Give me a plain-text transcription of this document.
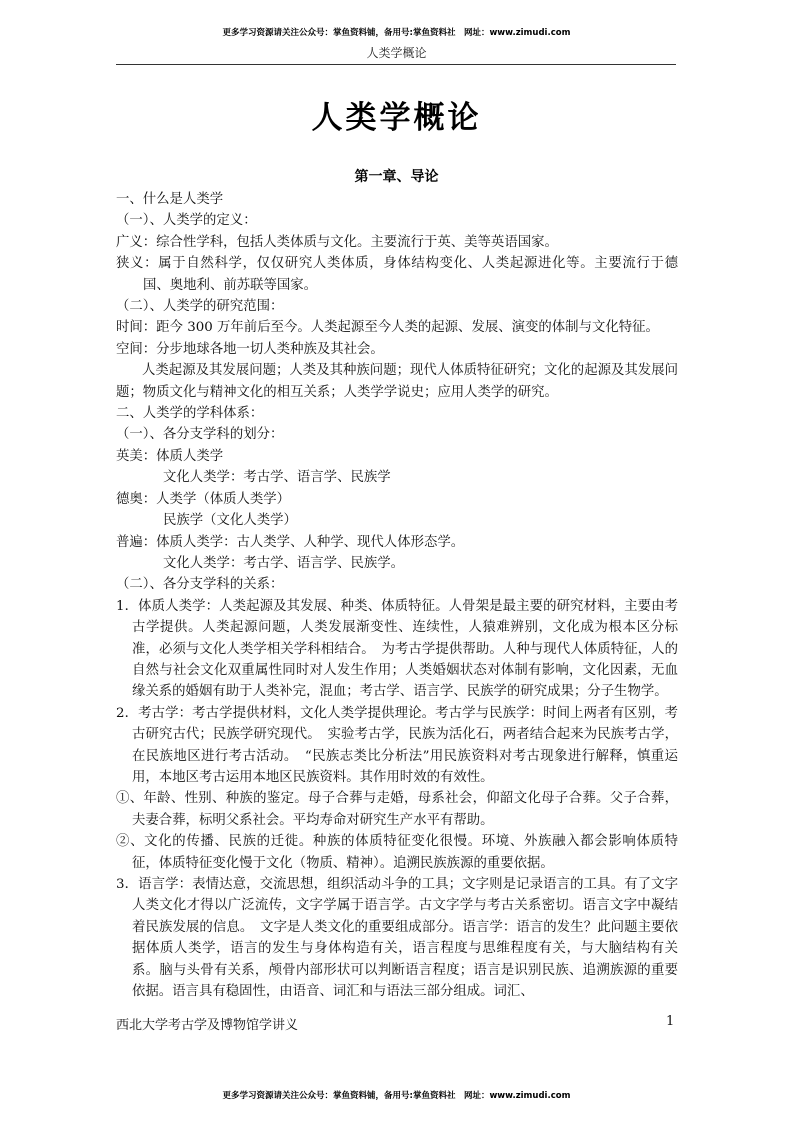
更多学习资源请关注公众号：掌鱼资料铺，备用号:掌鱼资料社　网址：www.zimudi.com
人类学概论
人类学概论
第一章、导论
一、什么是人类学
（一）、人类学的定义：
广义：综合性学科，包括人类体质与文化。主要流行于英、美等英语国家。
狭义：属于自然科学，仅仅研究人类体质，身体结构变化、人类起源进化等。主要流行于德国、奥地利、前苏联等国家。
（二）、人类学的研究范围：
时间：距今 300 万年前后至今。人类起源至今人类的起源、发展、演变的体制与文化特征。
空间：分步地球各地一切人类种族及其社会。
人类起源及其发展问题；人类及其种族问题；现代人体质特征研究；文化的起源及其发展问题；物质文化与精神文化的相互关系；人类学学说史；应用人类学的研究。
二、人类学的学科体系：
（一）、各分支学科的划分：
英美：体质人类学
文化人类学：考古学、语言学、民族学
德奥：人类学（体质人类学）
民族学（文化人类学）
普遍：体质人类学：古人类学、人种学、现代人体形态学。
文化人类学：考古学、语言学、民族学。
（二）、各分支学科的关系：
1．体质人类学：人类起源及其发展、种类、体质特征。人骨架是最主要的研究材料，主要由考古学提供。人类起源问题，人类发展渐变性、连续性，人猿难辨别，文化成为根本区分标准，必须与文化人类学相关学科相结合。　为考古学提供帮助。人种与现代人体质特征，人的自然与社会文化双重属性同时对人发生作用；人类婚姻状态对体制有影响，文化因素，无血缘关系的婚姻有助于人类补完，混血；考古学、语言学、民族学的研究成果；分子生物学。
2．考古学：考古学提供材料，文化人类学提供理论。考古学与民族学：时间上两者有区别，考古研究古代；民族学研究现代。　实验考古学，民族为活化石，两者结合起来为民族考古学，在民族地区进行考古活动。　“民族志类比分析法”用民族资料对考古现象进行解释，慎重运用，本地区考古运用本地区民族资料。其作用时效的有效性。
①、年龄、性别、种族的鉴定。母子合葬与走婚，母系社会，仰韶文化母子合葬。父子合葬，夫妻合葬，标明父系社会。平均寿命对研究生产水平有帮助。
②、文化的传播、民族的迁徙。种族的体质特征变化很慢。环境、外族融入都会影响体质特征，体质特征变化慢于文化（物质、精神）。追溯民族族源的重要依据。
3．语言学：表情达意，交流思想，组织活动斗争的工具；文字则是记录语言的工具。有了文字人类文化才得以广泛流传，文字学属于语言学。古文字学与考古关系密切。语言文字中凝结着民族发展的信息。　文字是人类文化的重要组成部分。语言学：语言的发生？此问题主要依据体质人类学，语言的发生与身体构造有关，语言程度与思维程度有关，与大脑结构有关系。脑与头骨有关系，颅骨内部形状可以判断语言程度；语言是识别民族、追溯族源的重要依据。语言具有稳固性，由语音、词汇和与语法三部分组成。词汇、
西北大学考古学及博物馆学讲义	1
更多学习资源请关注公众号：掌鱼资料铺，备用号:掌鱼资料社　网址：www.zimudi.com
